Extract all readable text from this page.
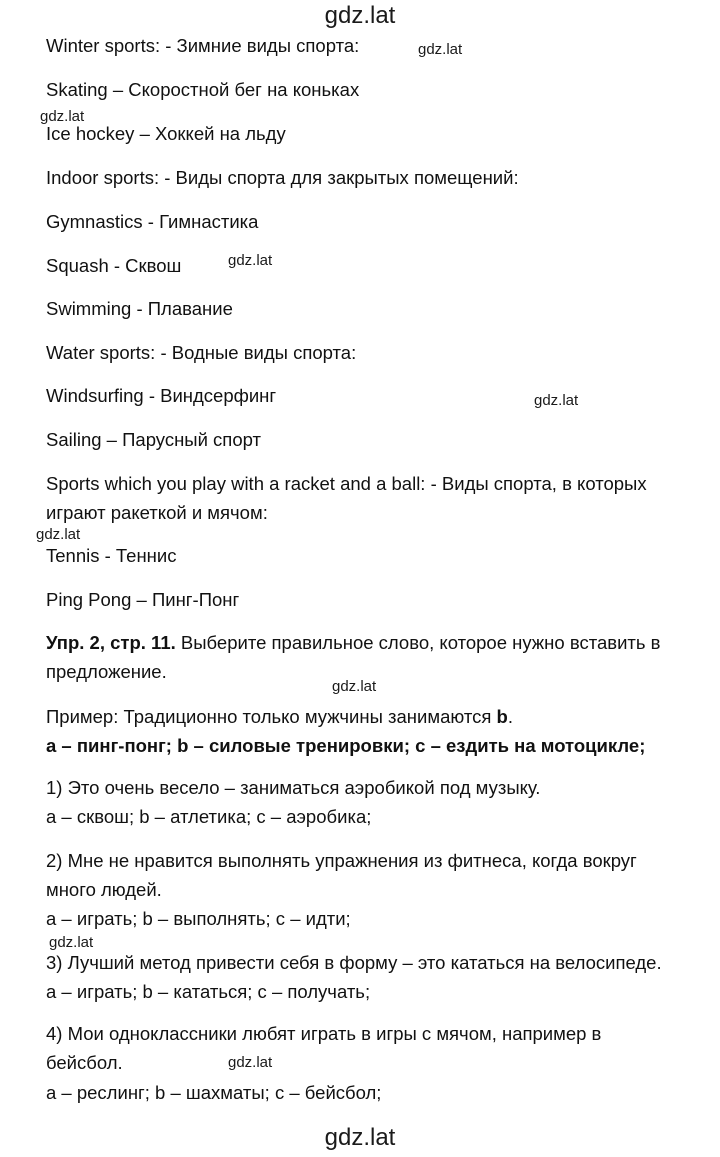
gdz.lat
gdz.lat
gdz.lat
gdz.lat
gdz.lat
gdz.lat
gdz.lat
gdz.lat
gdz.lat
gdz.lat
Winter sports: - Зимние виды спорта:
Skating – Скоростной бег на коньках
Ice hockey – Хоккей на льду
Indoor sports: - Виды спорта для закрытых помещений:
Gymnastics - Гимнастика
Squash - Сквош
Swimming - Плавание
Water sports: - Водные виды спорта:
Windsurfing - Виндсерфинг
Sailing – Парусный спорт
Sports which you play with a racket and a ball: - Виды спорта, в которых играют ракеткой и мячом:
Tennis - Теннис
Ping Pong – Пинг-Понг
Упр. 2, стр. 11. Выберите правильное слово, которое нужно вставить в предложение.
Пример: Традиционно только мужчины занимаются b.
a – пинг-понг; b – силовые тренировки; c – ездить на мотоцикле;
1) Это очень весело – заниматься аэробикой под музыку.
a – сквош; b – атлетика; c – аэробика;
2) Мне не нравится выполнять упражнения из фитнеса, когда вокруг много людей.
a – играть; b – выполнять; c – идти;
3) Лучший метод привести себя в форму – это кататься на велосипеде.
a – играть; b – кататься; c – получать;
4) Мои одноклассники любят играть в игры с мячом, например в бейсбол.
a – реслинг; b – шахматы; c – бейсбол;
